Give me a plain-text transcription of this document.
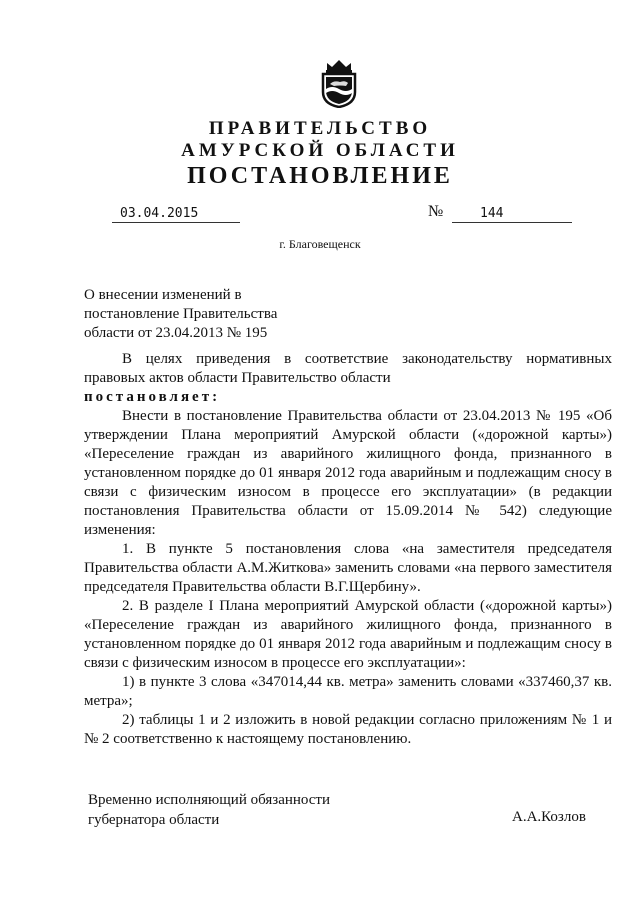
ПРАВИТЕЛЬСТВО
АМУРСКОЙ ОБЛАСТИ
ПОСТАНОВЛЕНИЕ
03.04.2015	№	144
г. Благовещенск
О внесении изменений в
постановление Правительства
области от 23.04.2013 № 195

В целях приведения в соответствие законодательству нормативных правовых актов области Правительство области

постановляет:

Внести в постановление Правительства области от 23.04.2013 № 195 «Об утверждении Плана мероприятий Амурской области («дорожной карты») «Переселение граждан из аварийного жилищного фонда, признанного в установленном порядке до 01 января 2012 года аварийным и подлежащим сносу в связи с физическим износом в процессе его эксплуатации» (в редакции постановления Правительства области от 15.09.2014 № 542) следующие изменения:

1. В пункте 5 постановления слова «на заместителя председателя Правительства области А.М.Житкова» заменить словами «на первого заместителя председателя Правительства области В.Г.Щербину».

2. В разделе I Плана мероприятий Амурской области («дорожной карты») «Переселение граждан из аварийного жилищного фонда, признанного в установленном порядке до 01 января 2012 года аварийным и подлежащим сносу в связи с физическим износом в процессе его эксплуатации»:

1) в пункте 3 слова «347014,44 кв. метра» заменить словами «337460,37 кв. метра»;

2) таблицы 1 и 2 изложить в новой редакции согласно приложениям № 1 и № 2 соответственно к настоящему постановлению.

Временно исполняющий обязанности
губернатора области	А.А.Козлов
